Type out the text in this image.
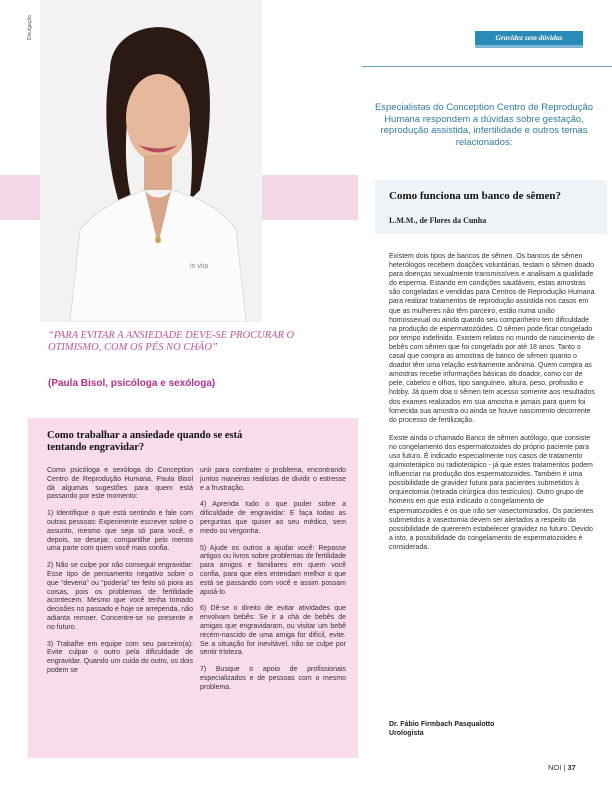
in vita
Divulgação
“PARA EVITAR A ANSIEDADE DEVE-SE PROCURAR O OTIMISMO, COM OS PÉS NO CHÃO”
(Paula Bisol, psicóloga e sexóloga)
Como trabalhar a ansiedade quando se está tentando engravidar?

Como psicóloga e sexóloga do Conception Centro de Reprodução Humana, Paula Bisol dá algumas sugestões para quem está passando por este momento:

1) Identifique o que está sentindo e fale com outras pessoas: Experimente escrever sobre o assunto, mesmo que seja só para você, e depois, se desejar, compartilhe pelo menos uma parte com quem você mais confia.

2) Não se culpe por não conseguir engravidar: Esse tipo de pensamento negativo sobre o que “deveria” ou “poderia” ter feito só piora as coisas, pois os problemas de fertilidade acontecem. Mesmo que você tenha tomado decisões no passado e hoje se arrependa, não adianta remoer. Concentre-se no presente e no futuro.

3) Trabalhe em equipe com seu parceiro(a): Evite culpar o outro pela dificuldade de engravidar. Quando um cuida do outro, os dois podem se

unir para combater o problema, encontrando juntos maneiras realistas de dividir o estresse e a frustração.

4) Aprenda tudo o que puder sobre a dificuldade de engravidar: E faça todas as perguntas que quiser ao seu médico, sem medo ou vergonha.

5) Ajude os outros a ajudar você: Repasse artigos ou livros sobre problemas de fertilidade para amigos e familiares em quem você confia, para que eles entendam melhor o que está se passando com você e assim possam apoiá-lo.

6) Dê-se o direito de evitar atividades que envolvam bebês: Se ir a chá de bebês de amigas que engravidaram, ou visitar um bebê recém-nascido de uma amiga for difícil, evite. Se a situação for inevitável, não se culpe por sentir tristeza.

7) Busque o apoio de profissionais especializados e de pessoas com o mesmo problema.

Gravidez sem dúvidas
Especialistas do Conception Centro de Reprodução Humana respondem a dúvidas sobre gestação, reprodução assistida, infertilidade e outros temas relacionados:
Como funciona um banco de sêmen?
L.M.M., de Flores da Cunha

Existem dois tipos de bancos de sêmen. Os bancos de sêmen heterólogos recebem doações voluntárias, testam o sêmen doado para doenças sexualmente transmissíveis e analisam a qualidade do esperma. Estando em condições saudáveis, estas amostras são congeladas e vendidas para Centros de Reprodução Humana para realizar tratamentos de reprodução assistida nos casos em que as mulheres não têm parceiro, estão numa união homossexual ou ainda quando seu companheiro tem dificuldade na produção de espermatozóides. O sêmen pode ficar congelado por tempo indefinido. Existem relatos no mundo de nascimento de bebês com sêmen que foi congelado por até 18 anos. Tanto o casal que compra as amostras de banco de sêmen quanto o doador têm uma relação estritamente anônima. Quem compra as amostras recebe informações básicas do doador, como cor de pele, cabelos e olhos, tipo sanguíneo, altura, peso, profissão e hobby. Já quem doa o sêmen tem acesso somente aos resultados dos exames realizados em sua amostra e jamais para quem foi fornecida sua amostra ou ainda se houve nascimento decorrente do processo de fertilização.

Existe ainda o chamado Banco de sêmen autólogo, que consiste no congelamento dos espermatozoides do próprio paciente para uso futuro. É indicado especialmente nos casos de tratamento quimioterápico ou radioterápico - já que estes tratamentos podem influenciar na produção dos espermatozoides. Também é uma possibilidade de gravidez futura para pacientes submetidos à orquiectomia (retirada cirúrgica dos testículos). Outro grupo de homens em que está indicado o congelamento de espermatozoides é os que irão ser vasectomizados. Os pacientes submetidos à vasectomia devem ser alertados a respeito da possibilidade de quererem estabelecer gravidez no futuro. Devido a isto, a possibilidade do congelamento de espermatozoides é considerada.

Dr. Fábio Firmbach Pasqualotto
Urologista
NOI | 37
